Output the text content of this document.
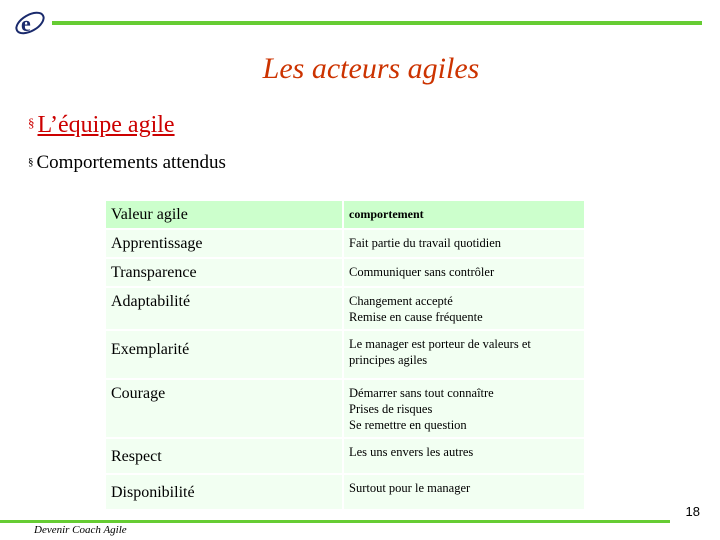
e
Les acteurs agiles
§ L’équipe agile
§ Comportements attendus
Valeur agile	comportement
Apprentissage	Fait partie du travail quotidien
Transparence	Communiquer sans contrôler
Adaptabilité	Changement accepté
Remise en cause fréquente
Exemplarité	Le manager est porteur de valeurs et principes agiles
Courage	Démarrer sans tout connaître
Prises de risques
Se remettre en question
Respect	Les uns envers les autres
Disponibilité	Surtout pour le manager
Devenir Coach Agile
18
